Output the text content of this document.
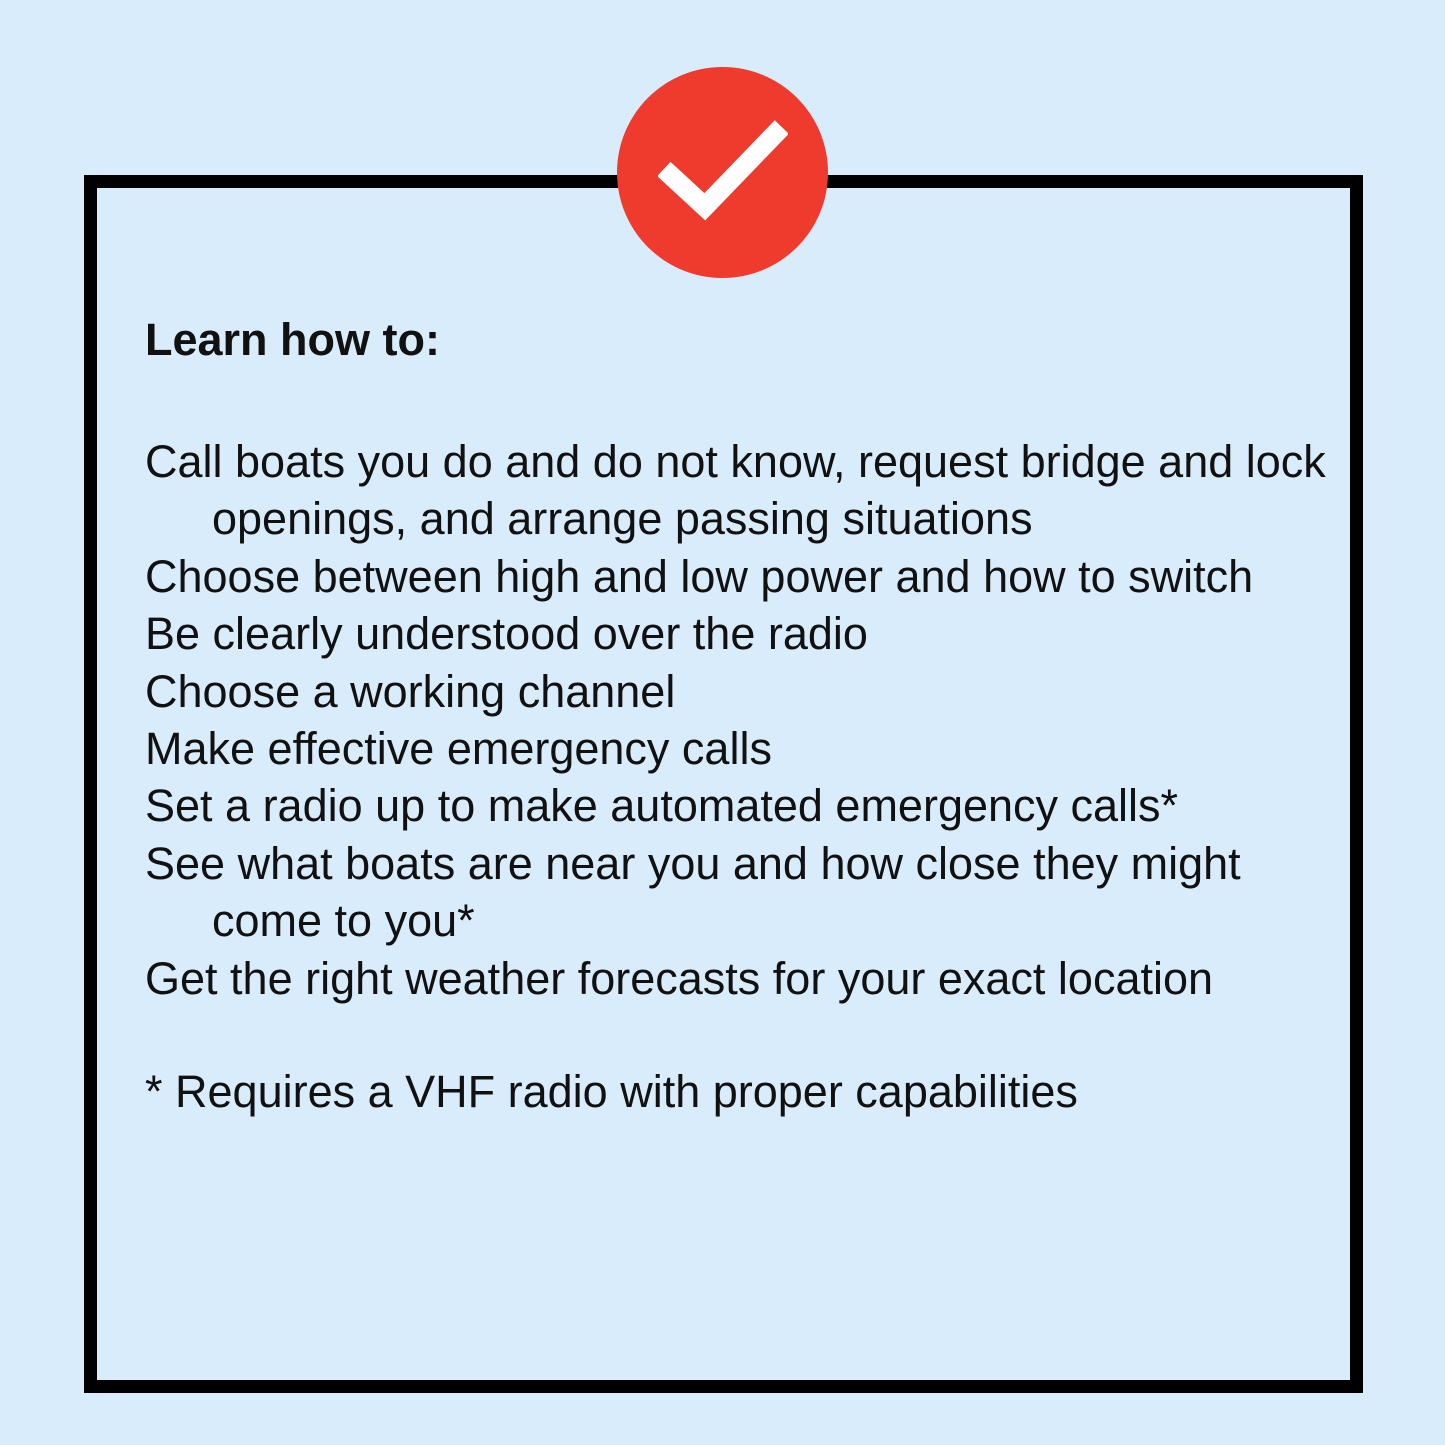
Learn how to:
Call boats you do and do not know, request bridge and lock openings, and arrange passing situations
Choose between high and low power and how to switch
Be clearly understood over the radio
Choose a working channel
Make effective emergency calls
Set a radio up to make automated emergency calls*
See what boats are near you and how close they might come to you*
Get the right weather forecasts for your exact location
* Requires a VHF radio with proper capabilities
